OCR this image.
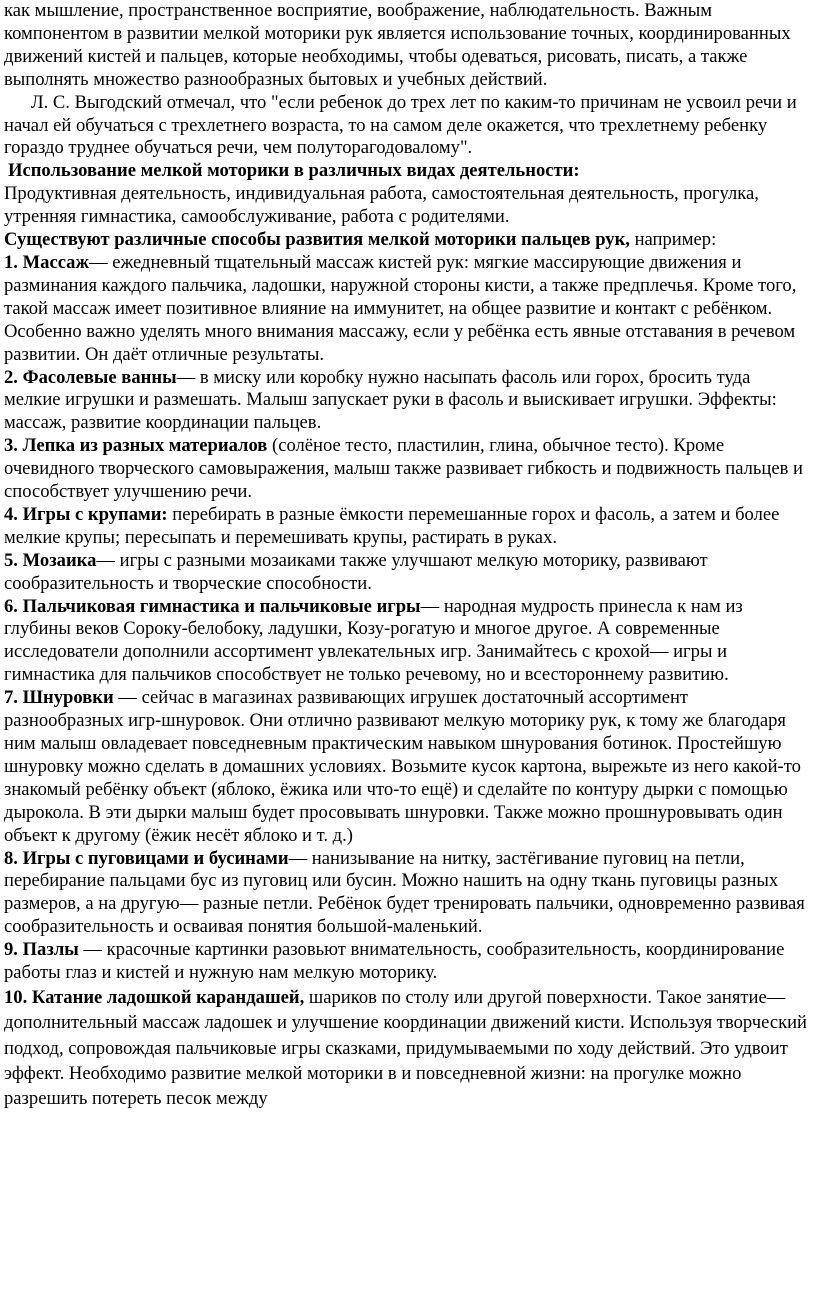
как мышление, пространственное восприятие, воображение, наблюдательность. Важным компонентом в развитии мелкой моторики рук является использование точных, координированных движений кистей и пальцев, которые необходимы, чтобы одеваться, рисовать, писать, а также выполнять множество разнообразных бытовых и учебных действий.

Л. С. Выгодский отмечал, что "если ребенок до трех лет по каким-то причинам не усвоил речи и начал ей обучаться с трехлетнего возраста, то на самом деле окажется, что трехлетнему ребенку гораздо труднее обучаться речи, чем полуторагодовалому".

Использование мелкой моторики в различных видах деятельности:

Продуктивная деятельность, индивидуальная работа, самостоятельная деятельность, прогулка, утренняя гимнастика, самообслуживание, работа с родителями.

Существуют различные способы развития мелкой моторики пальцев рук, например:

1. Массаж— ежедневный тщательный массаж кистей рук: мягкие массирующие движения и разминания каждого пальчика, ладошки, наружной стороны кисти, а также предплечья. Кроме того, такой массаж имеет позитивное влияние на иммунитет, на общее развитие и контакт с ребёнком. Особенно важно уделять много внимания массажу, если у ребёнка есть явные отставания в речевом развитии. Он даёт отличные результаты.

2. Фасолевые ванны— в миску или коробку нужно насыпать фасоль или горох, бросить туда мелкие игрушки и размешать. Малыш запускает руки в фасоль и выискивает игрушки. Эффекты: массаж, развитие координации пальцев.

3. Лепка из разных материалов (солёное тесто, пластилин, глина, обычное тесто). Кроме очевидного творческого самовыражения, малыш также развивает гибкость и подвижность пальцев и способствует улучшению речи.

4. Игры с крупами: перебирать в разные ёмкости перемешанные горох и фасоль, а затем и более мелкие крупы; пересыпать и перемешивать крупы, растирать в руках.

5. Мозаика— игры с разными мозаиками также улучшают мелкую моторику, развивают сообразительность и творческие способности.

6. Пальчиковая гимнастика и пальчиковые игры— народная мудрость принесла к нам из глубины веков Сороку-белобоку, ладушки, Козу-рогатую и многое другое. А современные исследователи дополнили ассортимент увлекательных игр. Занимайтесь с крохой— игры и гимнастика для пальчиков способствует не только речевому, но и всестороннему развитию.

7. Шнуровки — сейчас в магазинах развивающих игрушек достаточный ассортимент разнообразных игр-шнуровок. Они отлично развивают мелкую моторику рук, к тому же благодаря ним малыш овладевает повседневным практическим навыком шнурования ботинок. Простейшую шнуровку можно сделать в домашних условиях. Возьмите кусок картона, вырежьте из него какой-то знакомый ребёнку объект (яблоко, ёжика или что-то ещё) и сделайте по контуру дырки с помощью дырокола. В эти дырки малыш будет просовывать шнуровки. Также можно прошнуровывать один объект к другому (ёжик несёт яблоко и т. д.)

8. Игры с пуговицами и бусинами— нанизывание на нитку, застёгивание пуговиц на петли, перебирание пальцами бус из пуговиц или бусин. Можно нашить на одну ткань пуговицы разных размеров, а на другую— разные петли. Ребёнок будет тренировать пальчики, одновременно развивая сообразительность и осваивая понятия большой-маленький.

9. Пазлы — красочные картинки разовьют внимательность, сообразительность, координирование работы глаз и кистей и нужную нам мелкую моторику.

10. Катание ладошкой карандашей, шариков по столу или другой поверхности. Такое занятие— дополнительный массаж ладошек и улучшение координации движений кисти. Используя творческий подход, сопровождая пальчиковые игры сказками, придумываемыми по ходу действий. Это удвоит эффект. Необходимо развитие мелкой моторики в и повседневной жизни: на прогулке можно разрешить потереть песок между
